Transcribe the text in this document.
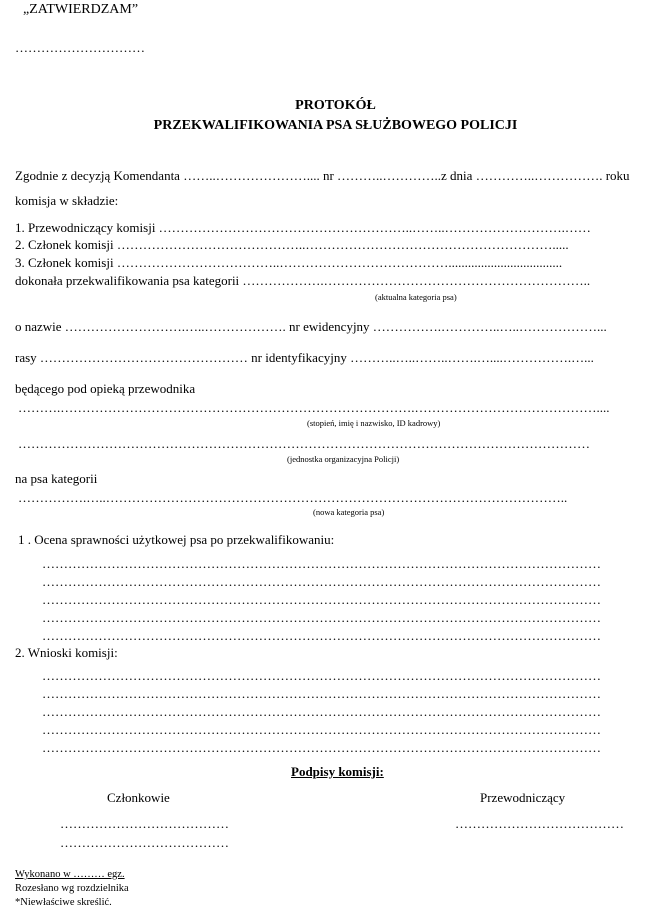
„ZATWIERDZAM”
…………………………
PROTOKÓŁ
PRZEKWALIFIKOWANIA PSA SŁUŻBOWEGO POLICJI
Zgodnie z decyzją Komendanta ……..………………….... nr ………..…………..z dnia …………..……………. roku
komisja w składzie:
1. Przewodniczący komisji …………………………………………………..……..……………………….……
2. Członek komisji ……………………………………..………………………………………………….....
3. Członek komisji ………………………………..…………………………………...................................
dokonała przekwalifikowania psa kategorii ……………….……………………………………………………..
(aktualna kategoria psa)
o nazwie ……………………….…..………………. nr ewidencyjny …………….…………..…..………………...
rasy ………………………………………… nr identyfikacyjny ………..…..……..…….…....…………….…...
będącego pod opieką przewodnika
……….……………………………………………………………………….……………………………………....
(stopień, imię i nazwisko, ID kadrowy)
……………………………………………………………………………………………………………………
(jednostka organizacyjna Policji)
na psa kategorii
…………….…..……………………………………………………………………………………………..
(nowa kategoria psa)
1 . Ocena sprawności użytkowej psa po przekwalifikowaniu:
…………………………………………………………………………………………………………………
…………………………………………………………………………………………………………………
…………………………………………………………………………………………………………………
…………………………………………………………………………………………………………………
…………………………………………………………………………………………………………………
2. Wnioski komisji:
…………………………………………………………………………………………………………………
…………………………………………………………………………………………………………………
…………………………………………………………………………………………………………………
…………………………………………………………………………………………………………………
…………………………………………………………………………………………………………………
Podpisy komisji:
Członkowie	Przewodniczący
…………………………………	…………………………………
…………………………………
Wykonano w ……… egz.
Rozesłano wg rozdzielnika
*Niewłaściwe skreślić.
